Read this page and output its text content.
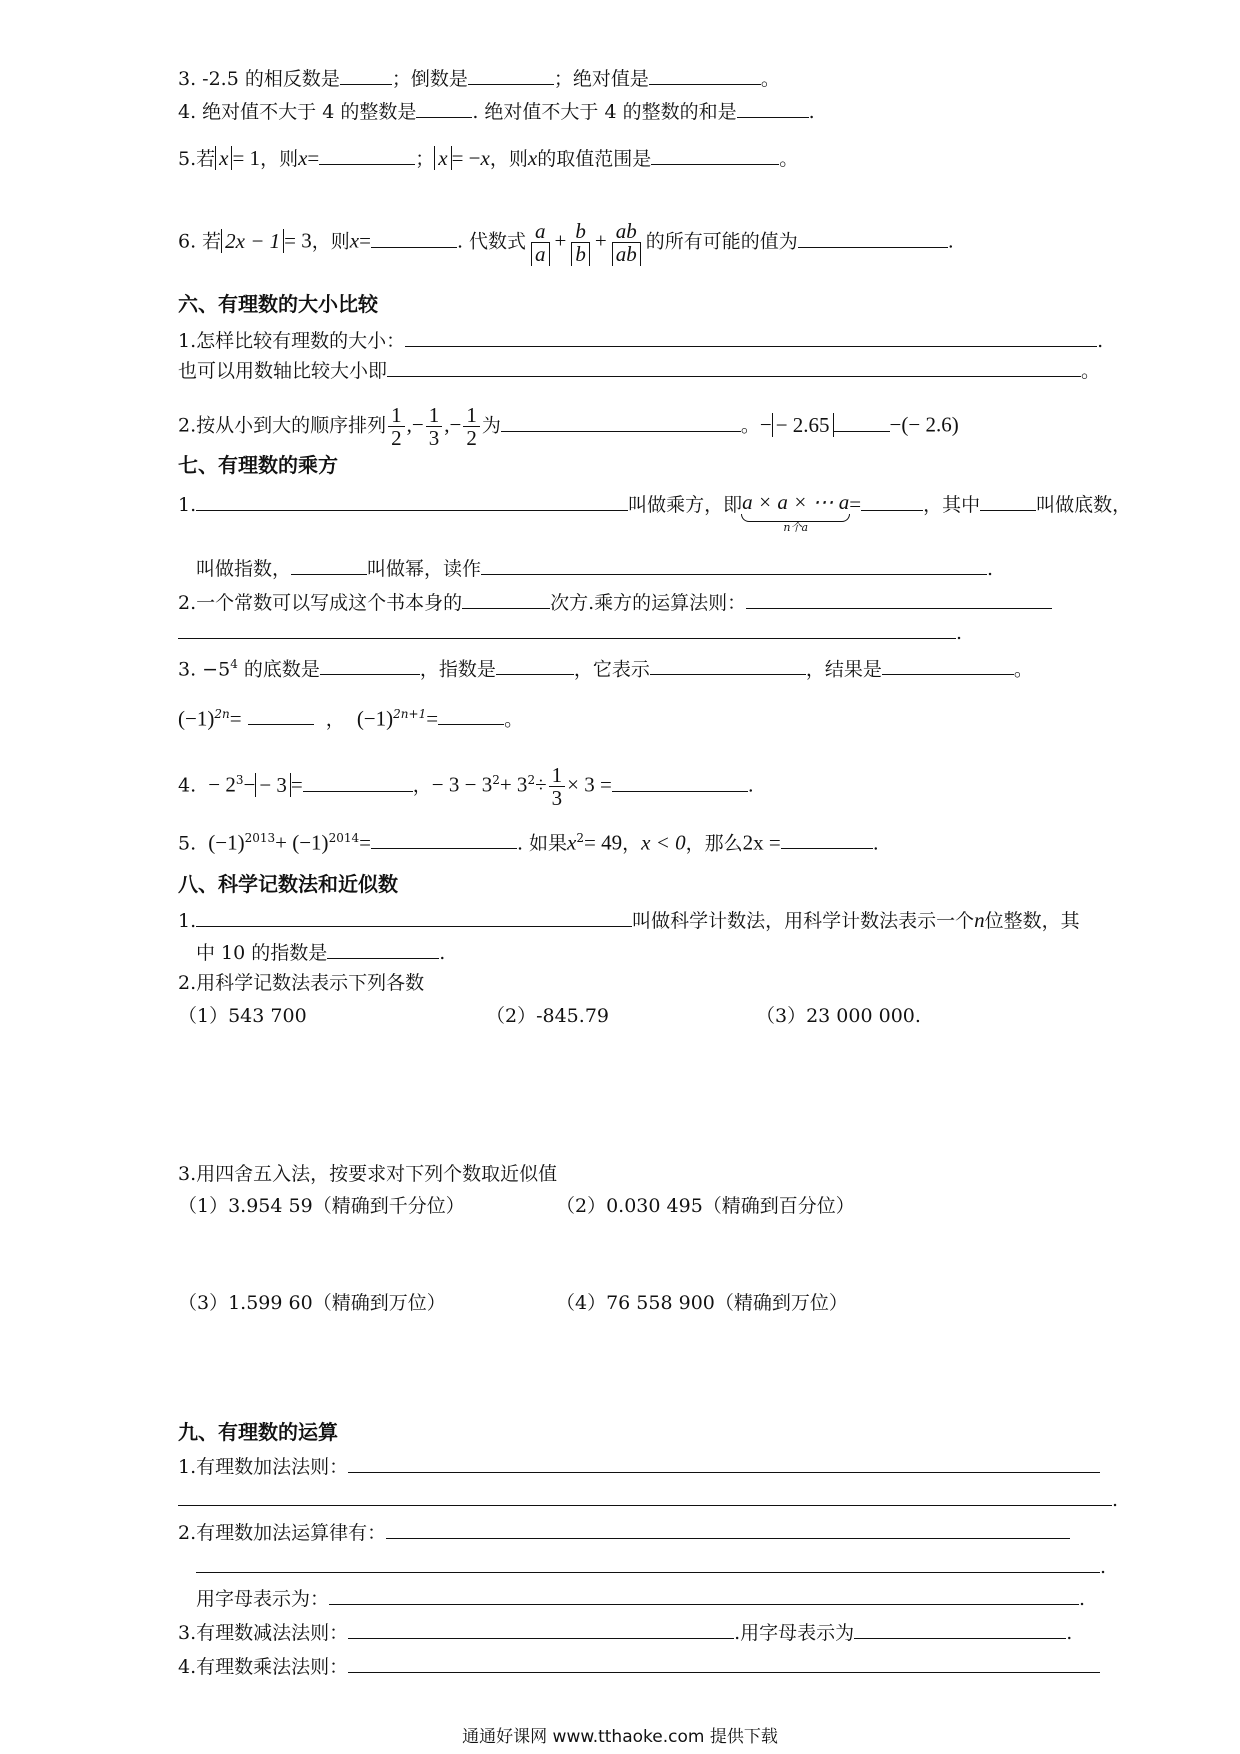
3. -2.5 的相反数是	；倒数是	；绝对值是	。
4. 绝对值不大于 4 的整数是	. 绝对值不大于 4 的整数的和是	.
5.若 x = 1，则x=	； x = −x，则x的取值范围是	。
6. 若 2x − 1 = 3，则x=	. 代数式 $\frac{a}{a} + \frac{b}{b} + \frac{ab}{ab}$ 的所有可能的值为	.
六、有理数的大小比较
1.怎样比较有理数的大小：	.
也可以用数轴比较大小即	。
2.按从小到大的顺序排列 $\frac{1}{2}$ ,− $\frac{1}{3}$ ,− $\frac{1}{2}$ 为	。− − 2.65	−(− 2.6)
七、有理数的乘方
1.	叫做乘方，即 a × a × ⋯ a
n个a
=	，其中	叫做底数，
叫做指数，	叫做幂，读作	.
2.一个常数可以写成这个书本身的	次方.乘方的运算法则：
.
3. $-5^4$ 的底数是	，指数是	，它表示	，结果是	。
$(-1)^{2n}=$	， $(-1)^{2n+1}=$	。
4. − $2^3- - 3$ =	，− $3 - 3^2+ 3^2\div \frac{1}{3} \times 3$ =	.
5. $(-1)^{2013}+ (-1)^{2014}=$	. 如果$x^2= 49$，x < 0，那么2x =	.
八、科学记数法和近似数
1.	叫做科学计数法，用科学计数法表示一个n位整数，其
中 10 的指数是	.
2.用科学记数法表示下列各数
（1）543 700	（2）-845.79	（3）23 000 000.
3.用四舍五入法，按要求对下列个数取近似值
（1）3.954 59（精确到千分位）	（2）0.030 495（精确到百分位）
（3）1.599 60（精确到万位）	（4）76 558 900（精确到万位）
九、有理数的运算
1.有理数加法法则：
.
2.有理数加法运算律有：
.
用字母表示为：	.
3.有理数减法法则：	.用字母表示为	.
4.有理数乘法法则：
通通好课网 www.tthaoke.com 提供下载
